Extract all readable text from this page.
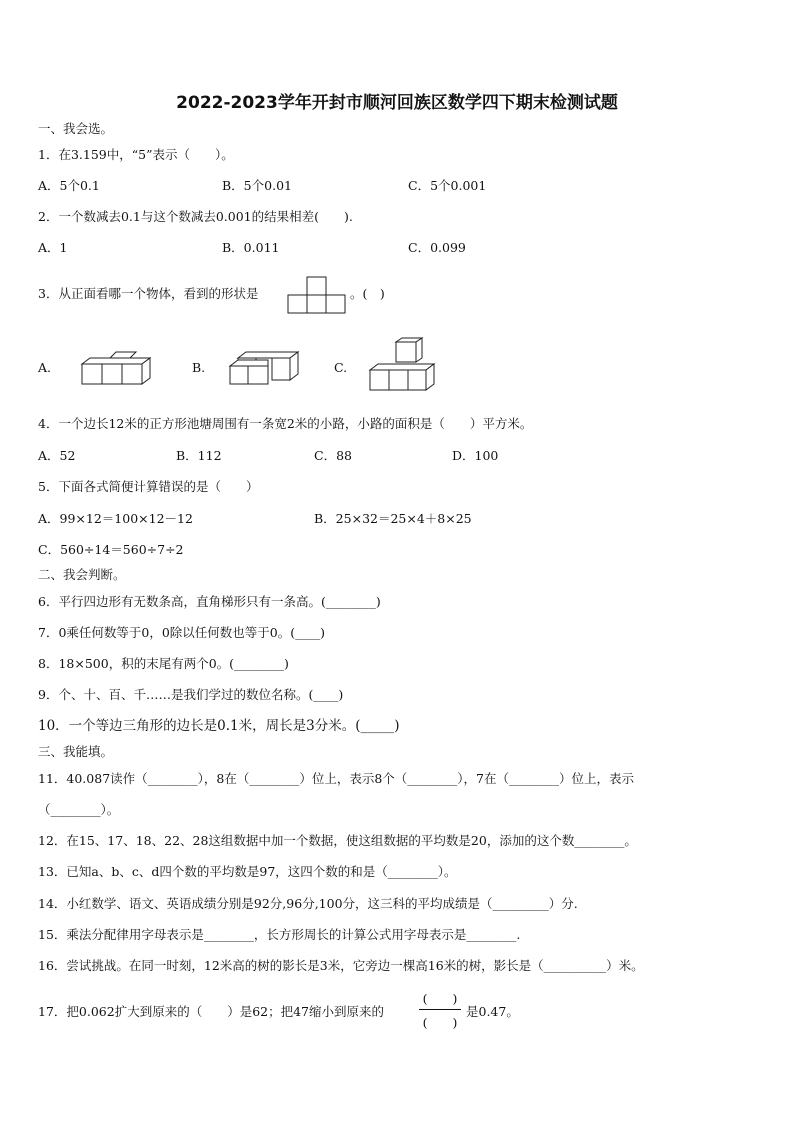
2022-2023学年开封市顺河回族区数学四下期末检测试题
一、我会选。
1．在3.159中，“5”表示（　　）。
A．5个0.1	B．5个0.01	C．5个0.001
2．一个数减去0.1与这个数减去0.001的结果相差(　　).
A．1	B．0.011	C．0.099
3．从正面看哪一个物体，看到的形状是	。(　)
A.	B.	C.
4．一个边长12米的正方形池塘周围有一条宽2米的小路，小路的面积是（　　）平方米。
A．52	B．112	C．88	D．100
5．下面各式简便计算错误的是（　　）
A．99×12＝100×12－12	B．25×32＝25×4＋8×25
C．560÷14＝560÷7÷2
二、我会判断。
6．平行四边形有无数条高，直角梯形只有一条高。(________)
7．0乘任何数等于0，0除以任何数也等于0。(____)
8．18×500，积的末尾有两个0。(________)
9．个、十、百、千……是我们学过的数位名称。(____)
10．一个等边三角形的边长是0.1米，周长是3分米。(_____)
三、我能填。
11．40.087读作（________），8在（________）位上，表示8个（________），7在（________）位上，表示
（________）。
12．在15、17、18、22、28这组数据中加一个数据，使这组数据的平均数是20，添加的这个数________。
13．已知a、b、c、d四个数的平均数是97，这四个数的和是（________）。
14．小红数学、语文、英语成绩分别是92分,96分,100分，这三科的平均成绩是（_________）分.
15．乘法分配律用字母表示是________，长方形周长的计算公式用字母表示是________.
16．尝试挑战。在同一时刻，12米高的树的影长是3米，它旁边一棵高16米的树，影长是（__________）米。
17．把0.062扩大到原来的（　　）是62；把47缩小到原来的
(　　)
(　　)
是0.47。
